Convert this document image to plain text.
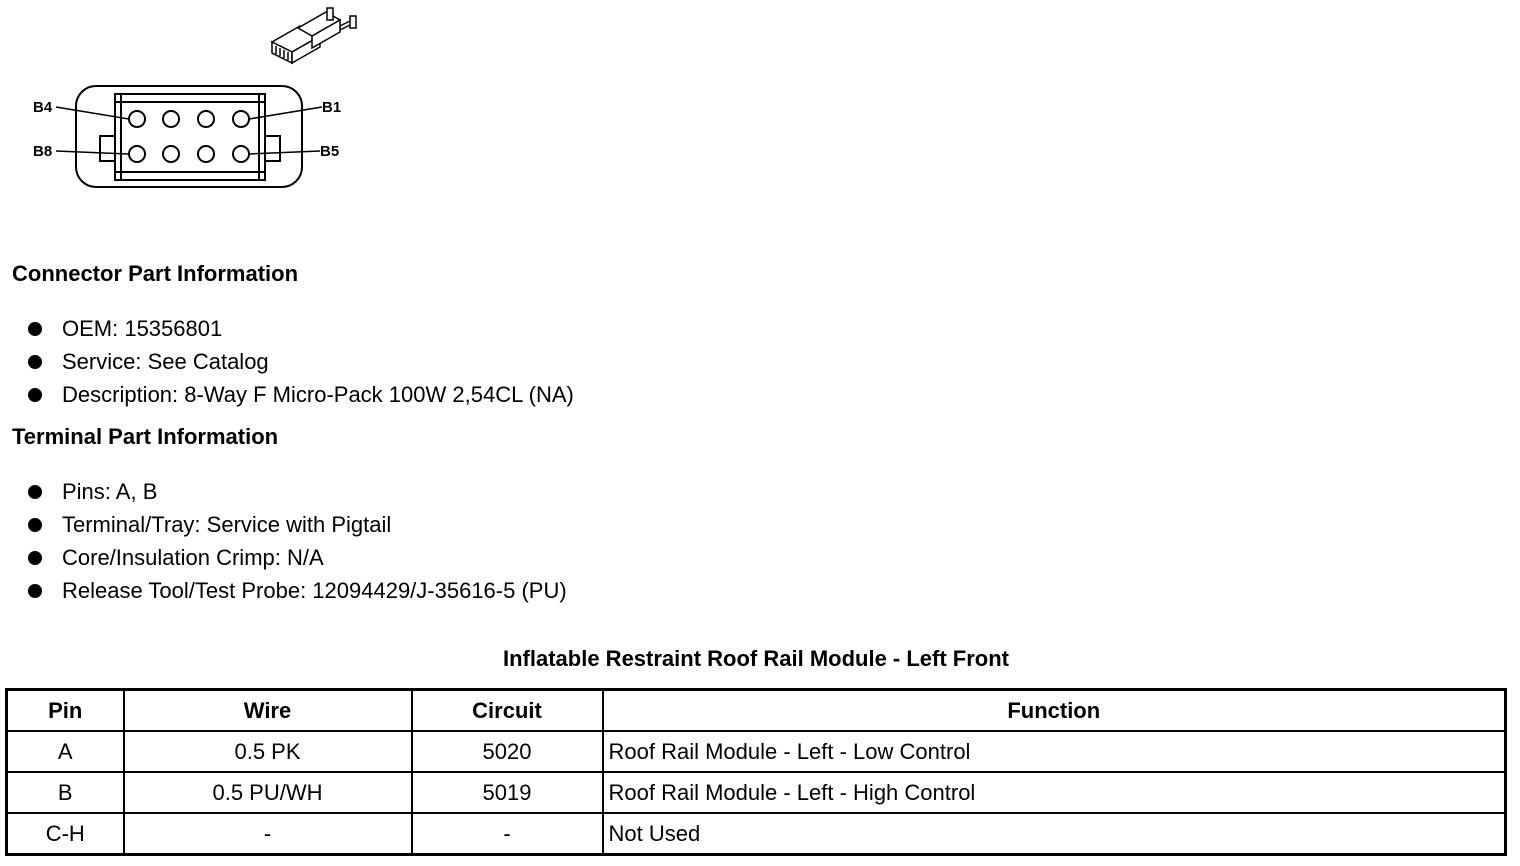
B4	B1
B8	B5
Connector Part Information
OEM: 15356801
Service: See Catalog
Description: 8-Way F Micro-Pack 100W 2,54CL (NA)
Terminal Part Information
Pins: A, B
Terminal/Tray: Service with Pigtail
Core/Insulation Crimp: N/A
Release Tool/Test Probe: 12094429/J-35616-5 (PU)
Inflatable Restraint Roof Rail Module - Left Front
Pin	Wire	Circuit	Function
A	0.5 PK	5020	Roof Rail Module - Left - Low Control
B	0.5 PU/WH	5019	Roof Rail Module - Left - High Control
C-H	-	-	Not Used
